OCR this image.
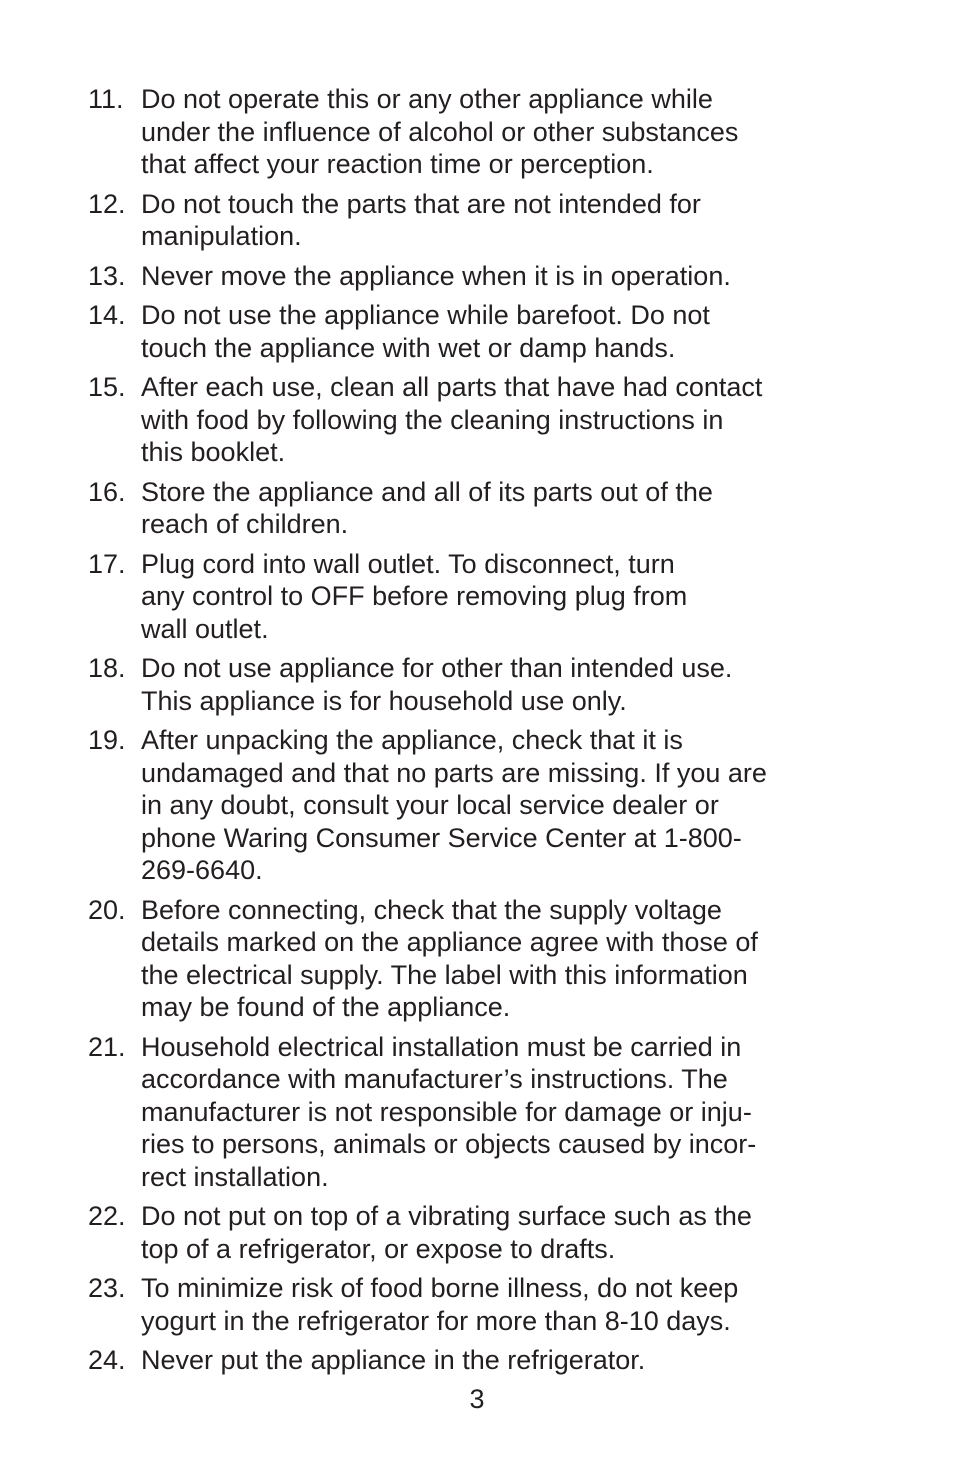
11. Do not operate this or any other appliance while
under the influence of alcohol or other substances
that affect your reaction time or perception.
12. Do not touch the parts that are not intended for
manipulation.
13. Never move the appliance when it is in operation.
14. Do not use the appliance while barefoot. Do not
touch the appliance with wet or damp hands.
15. After each use, clean all parts that have had contact
with food by following the cleaning instructions in
this booklet.
16. Store the appliance and all of its parts out of the
reach of children.
17. Plug cord into wall outlet. To disconnect, turn
any control to OFF before removing plug from
wall outlet.
18. Do not use appliance for other than intended use.
This appliance is for household use only.
19. After unpacking the appliance, check that it is
undamaged and that no parts are missing. If you are
in any doubt, consult your local service dealer or
phone Waring Consumer Service Center at 1-800-
269-6640.
20. Before connecting, check that the supply voltage
details marked on the appliance agree with those of
the electrical supply. The label with this information
may be found of the appliance.
21. Household electrical installation must be carried in
accordance with manufacturer’s instructions. The
manufacturer is not responsible for damage or inju-
ries to persons, animals or objects caused by incor-
rect installation.
22. Do not put on top of a vibrating surface such as the
top of a refrigerator, or expose to drafts.
23. To minimize risk of food borne illness, do not keep
yogurt in the refrigerator for more than 8-10 days.
24. Never put the appliance in the refrigerator.
3
